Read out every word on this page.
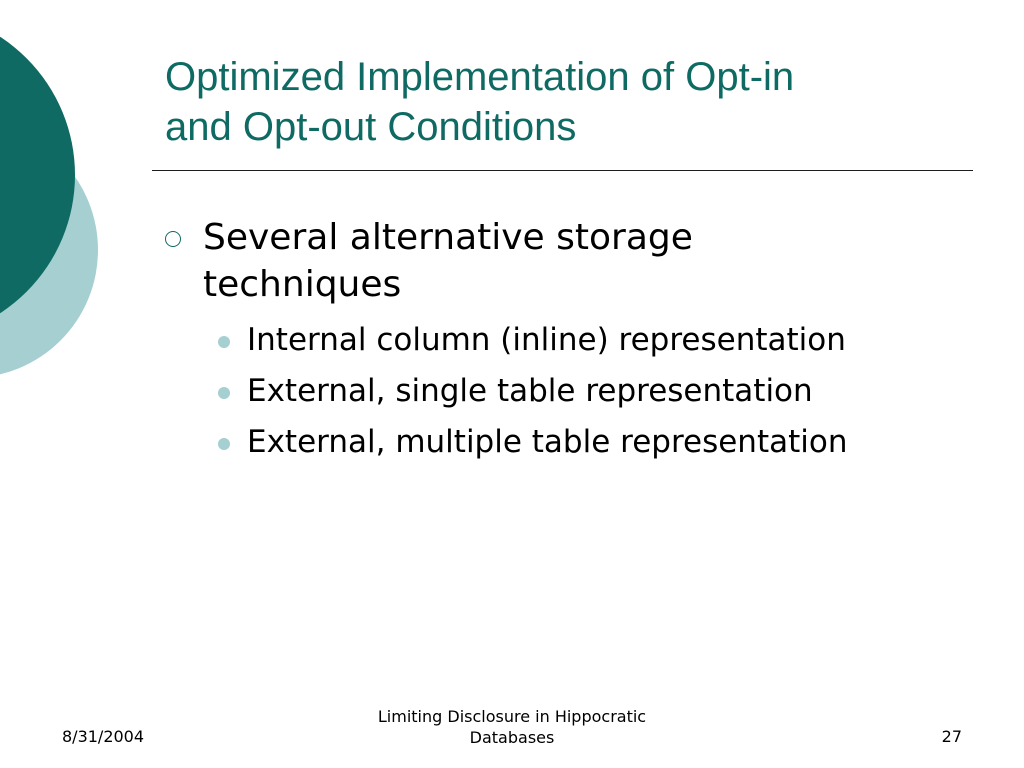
Optimized Implementation of Opt-in
and Opt-out Conditions
Several alternative storage
techniques
Internal column (inline) representation
External, single table representation
External, multiple table representation
8/31/2004
Limiting Disclosure in Hippocratic
Databases	27
